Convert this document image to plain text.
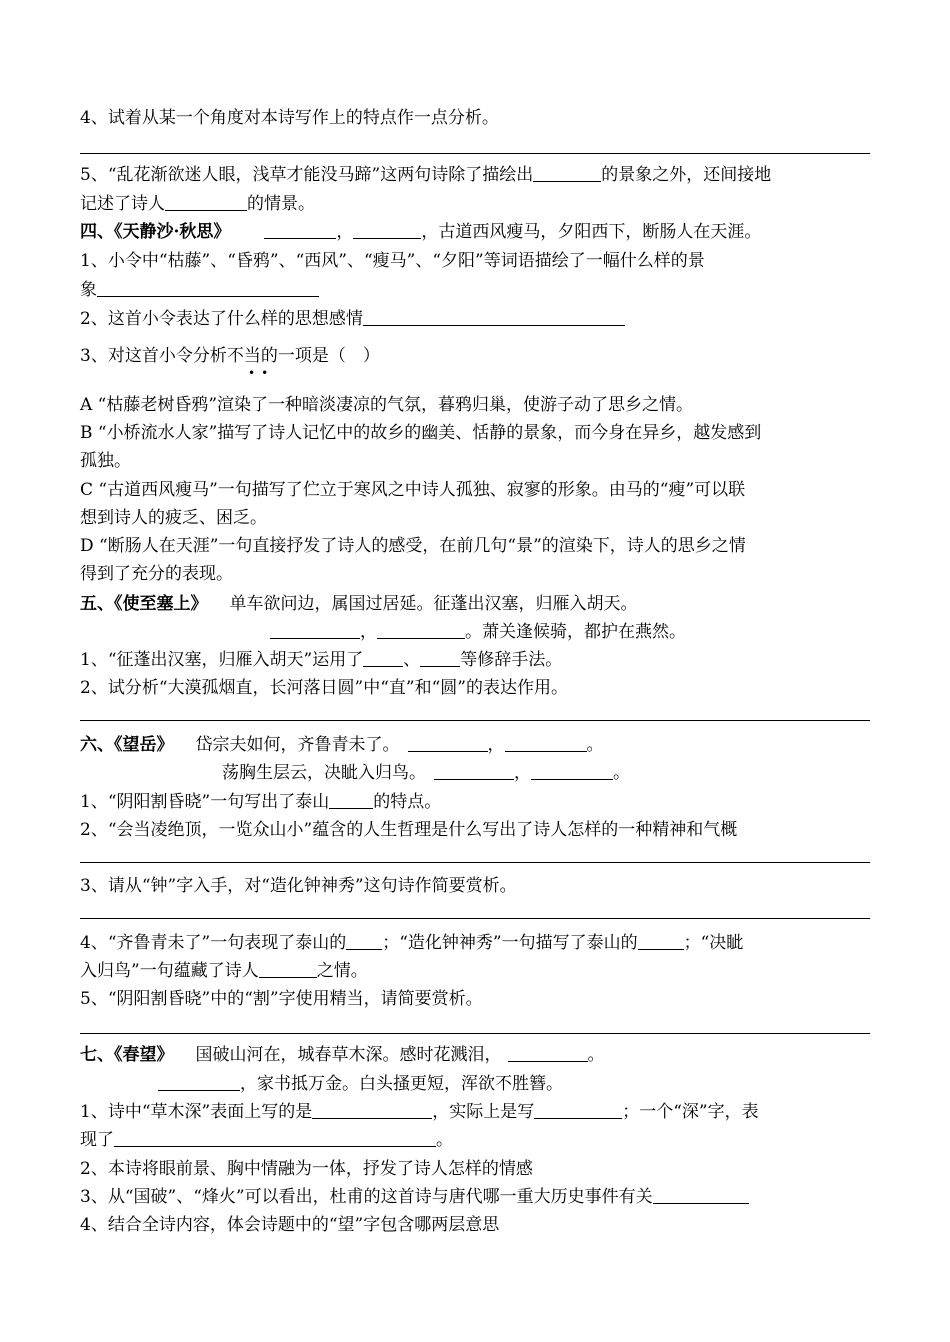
4、试着从某一个角度对本诗写作上的特点作一点分析。
5、“乱花渐欲迷人眼，浅草才能没马蹄”这两句诗除了描绘出	的景象之外，还间接地
记述了诗人	的情景。
四、《天静沙·秋思》	，	，古道西风瘦马，夕阳西下，断肠人在天涯。
1、小令中“枯藤”、“昏鸦”、“西风”、“瘦马”、“夕阳”等词语描绘了一幅什么样的景
象
2、这首小令表达了什么样的思想感情
3、对这首小令分析不当的一项是（　）
••
A “枯藤老树昏鸦”渲染了一种暗淡凄凉的气氛，暮鸦归巢，使游子动了思乡之情。
B “小桥流水人家”描写了诗人记忆中的故乡的幽美、恬静的景象，而今身在异乡，越发感到
孤独。
C “古道西风瘦马”一句描写了伫立于寒风之中诗人孤独、寂寥的形象。由马的“瘦”可以联
想到诗人的疲乏、困乏。
D “断肠人在天涯”一句直接抒发了诗人的感受，在前几句“景”的渲染下，诗人的思乡之情
得到了充分的表现。
五、《使至塞上》 单车欲问边，属国过居延。征蓬出汉塞，归雁入胡天。
，	。萧关逢候骑，都护在燕然。
1、“征蓬出汉塞，归雁入胡天”运用了 、 等修辞手法。
2、试分析“大漠孤烟直，长河落日圆”中“直”和“圆”的表达作用。
六、《望岳》 岱宗夫如何，齐鲁青未了。	，	。
荡胸生层云，决眦入归鸟。	，	。
1、“阴阳割昏晓”一句写出了泰山	的特点。
2、“会当凌绝顶，一览众山小”蕴含的人生哲理是什么写出了诗人怎样的一种精神和气概
3、请从“钟”字入手，对“造化钟神秀”这句诗作简要赏析。
4、“齐鲁青未了”一句表现了泰山的 ；“造化钟神秀”一句描写了泰山的	；“决眦
入归鸟”一句蕴藏了诗人	之情。
5、“阴阳割昏晓”中的“割”字使用精当，请简要赏析。
七、《春望》 国破山河在，城春草木深。感时花溅泪，	。
，家书抵万金。白头搔更短，浑欲不胜簪。
1、诗中“草木深”表面上写的是	，实际上是写	；一个“深”字，表
现了	。
2、本诗将眼前景、胸中情融为一体，抒发了诗人怎样的情感
3、从“国破”、“烽火”可以看出，杜甫的这首诗与唐代哪一重大历史事件有关
4、结合全诗内容，体会诗题中的“望”字包含哪两层意思
